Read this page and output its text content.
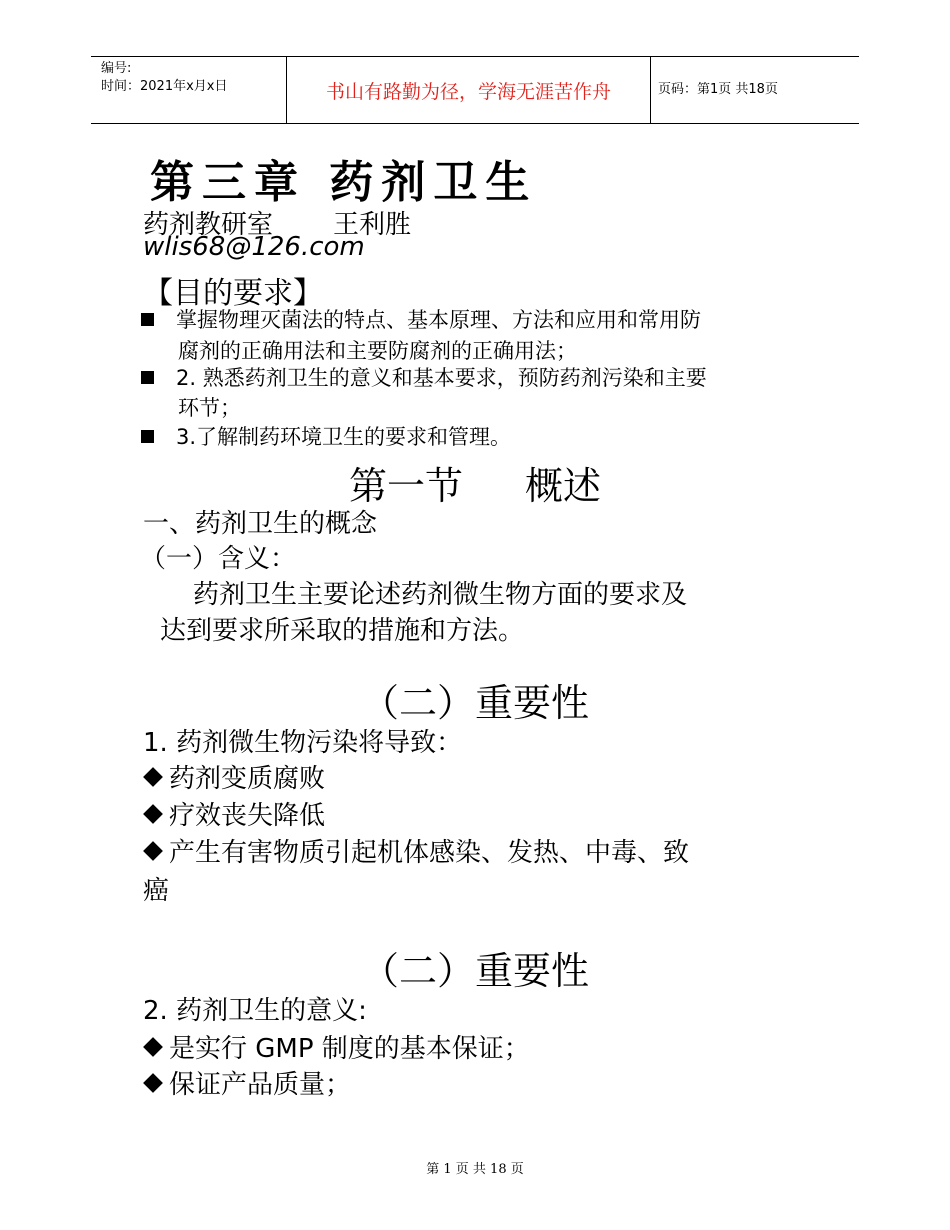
编号:
时间：2021年x月x日	书山有路勤为径，学海无涯苦作舟	页码：第1页 共18页
第三章 药剂卫生
药剂教研室 王利胜
wlis68@126.com
【目的要求】
掌握物理灭菌法的特点、基本原理、方法和应用和常用防
腐剂的正确用法和主要防腐剂的正确用法；
2. 熟悉药剂卫生的意义和基本要求，预防药剂污染和主要
环节；
3.了解制药环境卫生的要求和管理。
第一节 概述
一、药剂卫生的概念
（一）含义：
药剂卫生主要论述药剂微生物方面的要求及
达到要求所采取的措施和方法。
（二）重要性
1. 药剂微生物污染将导致：
药剂变质腐败
疗效丧失降低
产生有害物质引起机体感染、发热、中毒、致
癌
（二）重要性
2. 药剂卫生的意义:
是实行 GMP 制度的基本保证；
保证产品质量；
第 1 页 共 18 页
